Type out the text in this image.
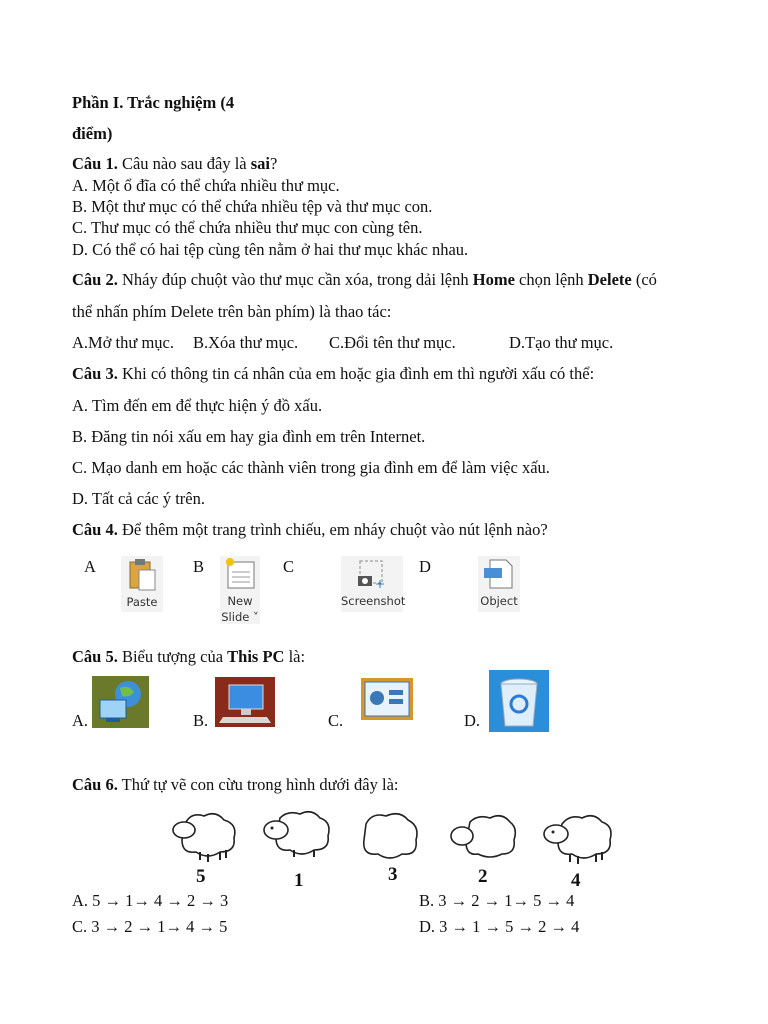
Phần I. Trắc nghiệm (4
điểm)
Câu 1. Câu nào sau đây là sai?
A. Một ổ đĩa có thể chứa nhiều thư mục.
B. Một thư mục có thể chứa nhiều tệp và thư mục con.
C. Thư mục có thể chứa nhiều thư mục con cùng tên.
D. Có thể có hai tệp cùng tên nằm ở hai thư mục khác nhau.
Câu 2. Nháy đúp chuột vào thư mục cần xóa, trong dải lệnh Home chọn lệnh Delete (có
thể nhấn phím Delete trên bàn phím) là thao tác:
A.Mở thư mục. B.Xóa thư mục. C.Đổi tên thư mục.	D.Tạo thư mục.
Câu 3. Khi có thông tin cá nhân của em hoặc gia đình em thì người xấu có thể:
A. Tìm đến em để thực hiện ý đồ xấu.
B. Đăng tin nói xấu em hay gia đình em trên Internet.
C. Mạo danh em hoặc các thành viên trong gia đình em để làm việc xấu.
D. Tất cả các ý trên.
Câu 4. Để thêm một trang trình chiếu, em nháy chuột vào nút lệnh nào?
A	B	C	D
Paste	New
Slide ˅
+
Screenshot	Object
Câu 5. Biểu tượng của This PC là:
A.	B.	C.	D.
Câu 6. Thứ tự vẽ con cừu trong hình dưới đây là:
5	1	3	2	4
A. 5 → 1→ 4 → 2 → 3	B. 3 → 2 → 1→ 5 → 4
C. 3 → 2 → 1→ 4 → 5	D. 3 → 1 → 5 → 2 → 4
